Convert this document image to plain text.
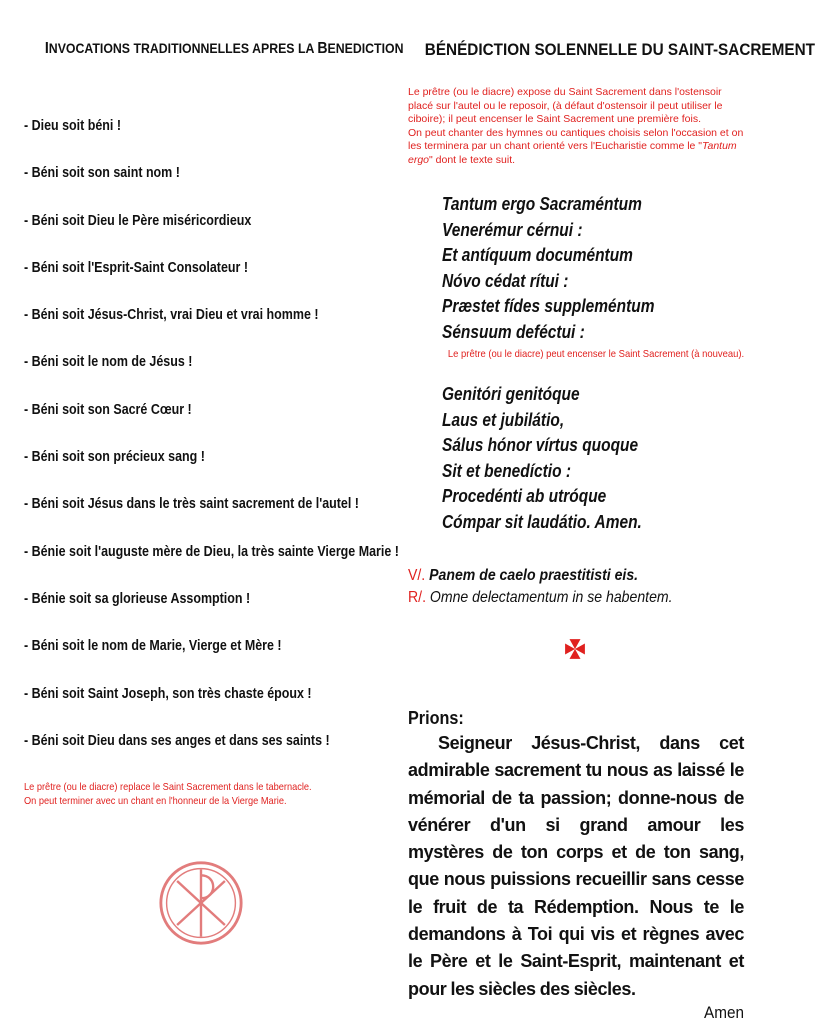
INVOCATIONS TRADITIONNELLES APRES LA BENEDICTION
- Dieu soit béni !
- Béni soit son saint nom !
- Béni soit Dieu le Père miséricordieux
- Béni soit l'Esprit-Saint Consolateur !
- Béni soit Jésus-Christ, vrai Dieu et vrai homme !
- Béni soit le nom de Jésus !
- Béni soit son Sacré Cœur !
- Béni soit son précieux sang !
- Béni soit Jésus dans le très saint sacrement de l'autel !
- Bénie soit l'auguste mère de Dieu, la très sainte Vierge Marie !
- Bénie soit sa glorieuse Assomption !
- Béni soit le nom de Marie, Vierge et Mère !
- Béni soit Saint Joseph, son très chaste époux !
- Béni soit Dieu dans ses anges et dans ses saints !
Le prêtre (ou le diacre) replace le Saint Sacrement dans le tabernacle.
On peut terminer avec un chant en l'honneur de la Vierge Marie.
BÉNÉDICTION SOLENNELLE DU SAINT-SACREMENT

Le prêtre (ou le diacre) expose du Saint Sacrement dans l'ostensoir placé sur l'autel ou le reposoir, (à défaut d'ostensoir il peut utiliser le ciboire); il peut encenser le Saint Sacrement une première fois.

On peut chanter des hymnes ou cantiques choisis selon l'occasion et on les terminera par un chant orienté vers l'Eucharistie comme le "Tantum ergo" dont le texte suit.

Tantum ergo Sacraméntum
Venerémur cérnui :
Et antíquum documéntum
Nóvo cédat rítui :
Præstet fídes suppleméntum
Sénsuum deféctui :
Le prêtre (ou le diacre) peut encenser le Saint Sacrement (à nouveau).
Genitóri genitóque
Laus et jubilátio,
Sálus hónor vírtus quoque
Sit et benedíctio :
Procedénti ab utróque
Cómpar sit laudátio. Amen.
V/. Panem de caelo praestitisti eis.
R/. Omne delectamentum in se habentem.
Prions:

Seigneur Jésus-Christ, dans cet admirable sacrement tu nous as laissé le mémorial de ta passion; donne-nous de vénérer d'un si grand amour les mystères de ton corps et de ton sang, que nous puissions recueillir sans cesse le fruit de ta Rédemption. Nous te le demandons à Toi qui vis et règnes avec le Père et le Saint-Esprit, maintenant et pour les siècles des siècles.

Amen
